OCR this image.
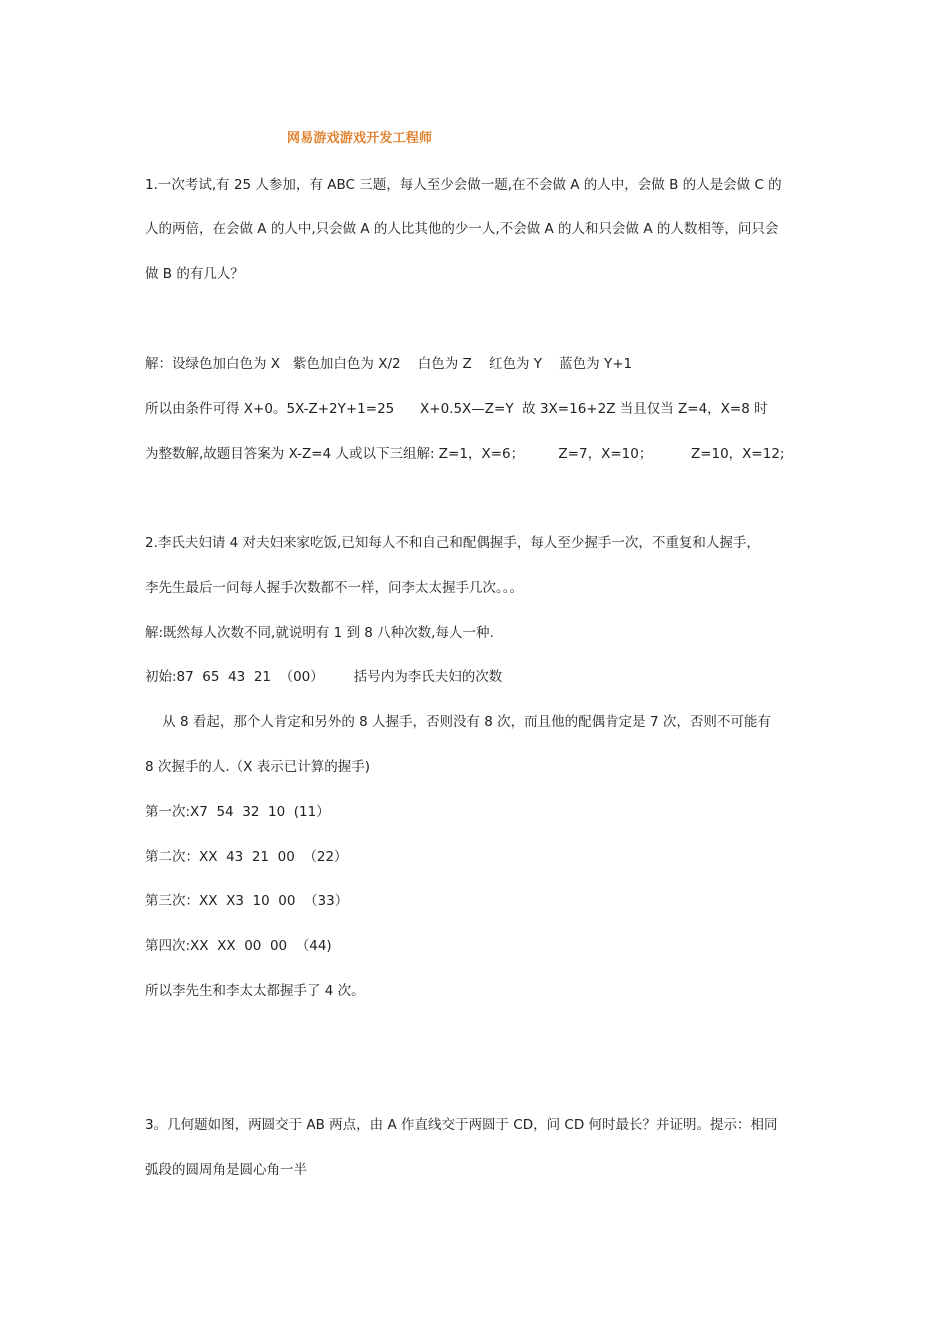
网易游戏游戏开发工程师
1.一次考试,有 25 人参加，有 ABC 三题，每人至少会做一题,在不会做 A 的人中，会做 B 的人是会做 C 的
人的两倍，在会做 A 的人中,只会做 A 的人比其他的少一人,不会做 A 的人和只会做 A 的人数相等，问只会
做 B 的有几人？
解：设绿色加白色为 X   紫色加白色为 X/2    白色为 Z    红色为 Y    蓝色为 Y+1
所以由条件可得 X+0。5X-Z+2Y+1=25      X+0.5X—Z=Y  故 3X=16+2Z 当且仅当 Z=4，X=8 时
为整数解,故题目答案为 X-Z=4 人或以下三组解: Z=1，X=6；        Z=7，X=10；         Z=10，X=12;
2.李氏夫妇请 4 对夫妇来家吃饭,已知每人不和自己和配偶握手，每人至少握手一次，不重复和人握手，
李先生最后一问每人握手次数都不一样，问李太太握手几次。。。
解:既然每人次数不同,就说明有 1 到 8 八种次数,每人一种.
初始:87  65  43  21  （00）       括号内为李氏夫妇的次数
从 8 看起，那个人肯定和另外的 8 人握手，否则没有 8 次，而且他的配偶肯定是 7 次，否则不可能有
8 次握手的人.（X 表示已计算的握手)
第一次:X7  54  32  10  (11）
第二次：XX  43  21  00  （22）
第三次：XX  X3  10  00  （33）
第四次:XX  XX  00  00  （44)
所以李先生和李太太都握手了 4 次。
3。几何题如图，两圆交于 AB 两点，由 A 作直线交于两圆于 CD，问 CD 何时最长？并证明。提示：相同
弧段的圆周角是圆心角一半
